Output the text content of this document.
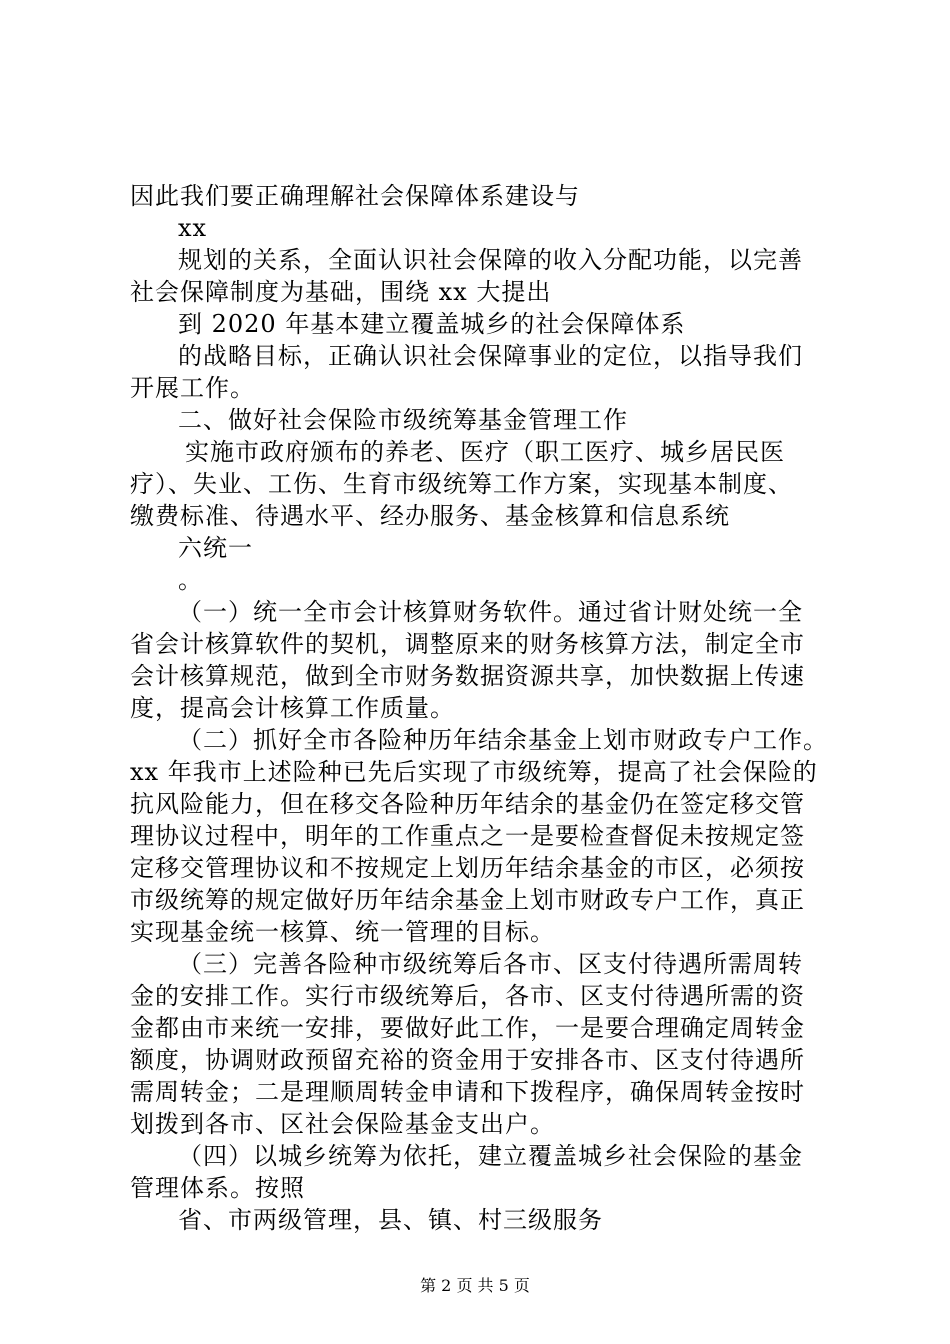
因此我们要正确理解社会保障体系建设与
xx
规划的关系，全面认识社会保障的收入分配功能，以完善
社会保障制度为基础，围绕 xx 大提出
到 2020 年基本建立覆盖城乡的社会保障体系
的战略目标，正确认识社会保障事业的定位，以指导我们
开展工作。
二、做好社会保险市级统筹基金管理工作
实施市政府颁布的养老、医疗（职工医疗、城乡居民医
疗）、失业、工伤、生育市级统筹工作方案，实现基本制度、
缴费标准、待遇水平、经办服务、基金核算和信息系统
六统一
。
（一）统一全市会计核算财务软件。通过省计财处统一全
省会计核算软件的契机，调整原来的财务核算方法，制定全市
会计核算规范，做到全市财务数据资源共享，加快数据上传速
度，提高会计核算工作质量。
（二）抓好全市各险种历年结余基金上划市财政专户工作。
xx 年我市上述险种已先后实现了市级统筹，提高了社会保险的
抗风险能力，但在移交各险种历年结余的基金仍在签定移交管
理协议过程中，明年的工作重点之一是要检查督促未按规定签
定移交管理协议和不按规定上划历年结余基金的市区，必须按
市级统筹的规定做好历年结余基金上划市财政专户工作，真正
实现基金统一核算、统一管理的目标。
（三）完善各险种市级统筹后各市、区支付待遇所需周转
金的安排工作。实行市级统筹后，各市、区支付待遇所需的资
金都由市来统一安排，要做好此工作，一是要合理确定周转金
额度，协调财政预留充裕的资金用于安排各市、区支付待遇所
需周转金；二是理顺周转金申请和下拨程序，确保周转金按时
划拨到各市、区社会保险基金支出户。
（四）以城乡统筹为依托，建立覆盖城乡社会保险的基金
管理体系。按照
省、市两级管理，县、镇、村三级服务
第 2 页 共 5 页
